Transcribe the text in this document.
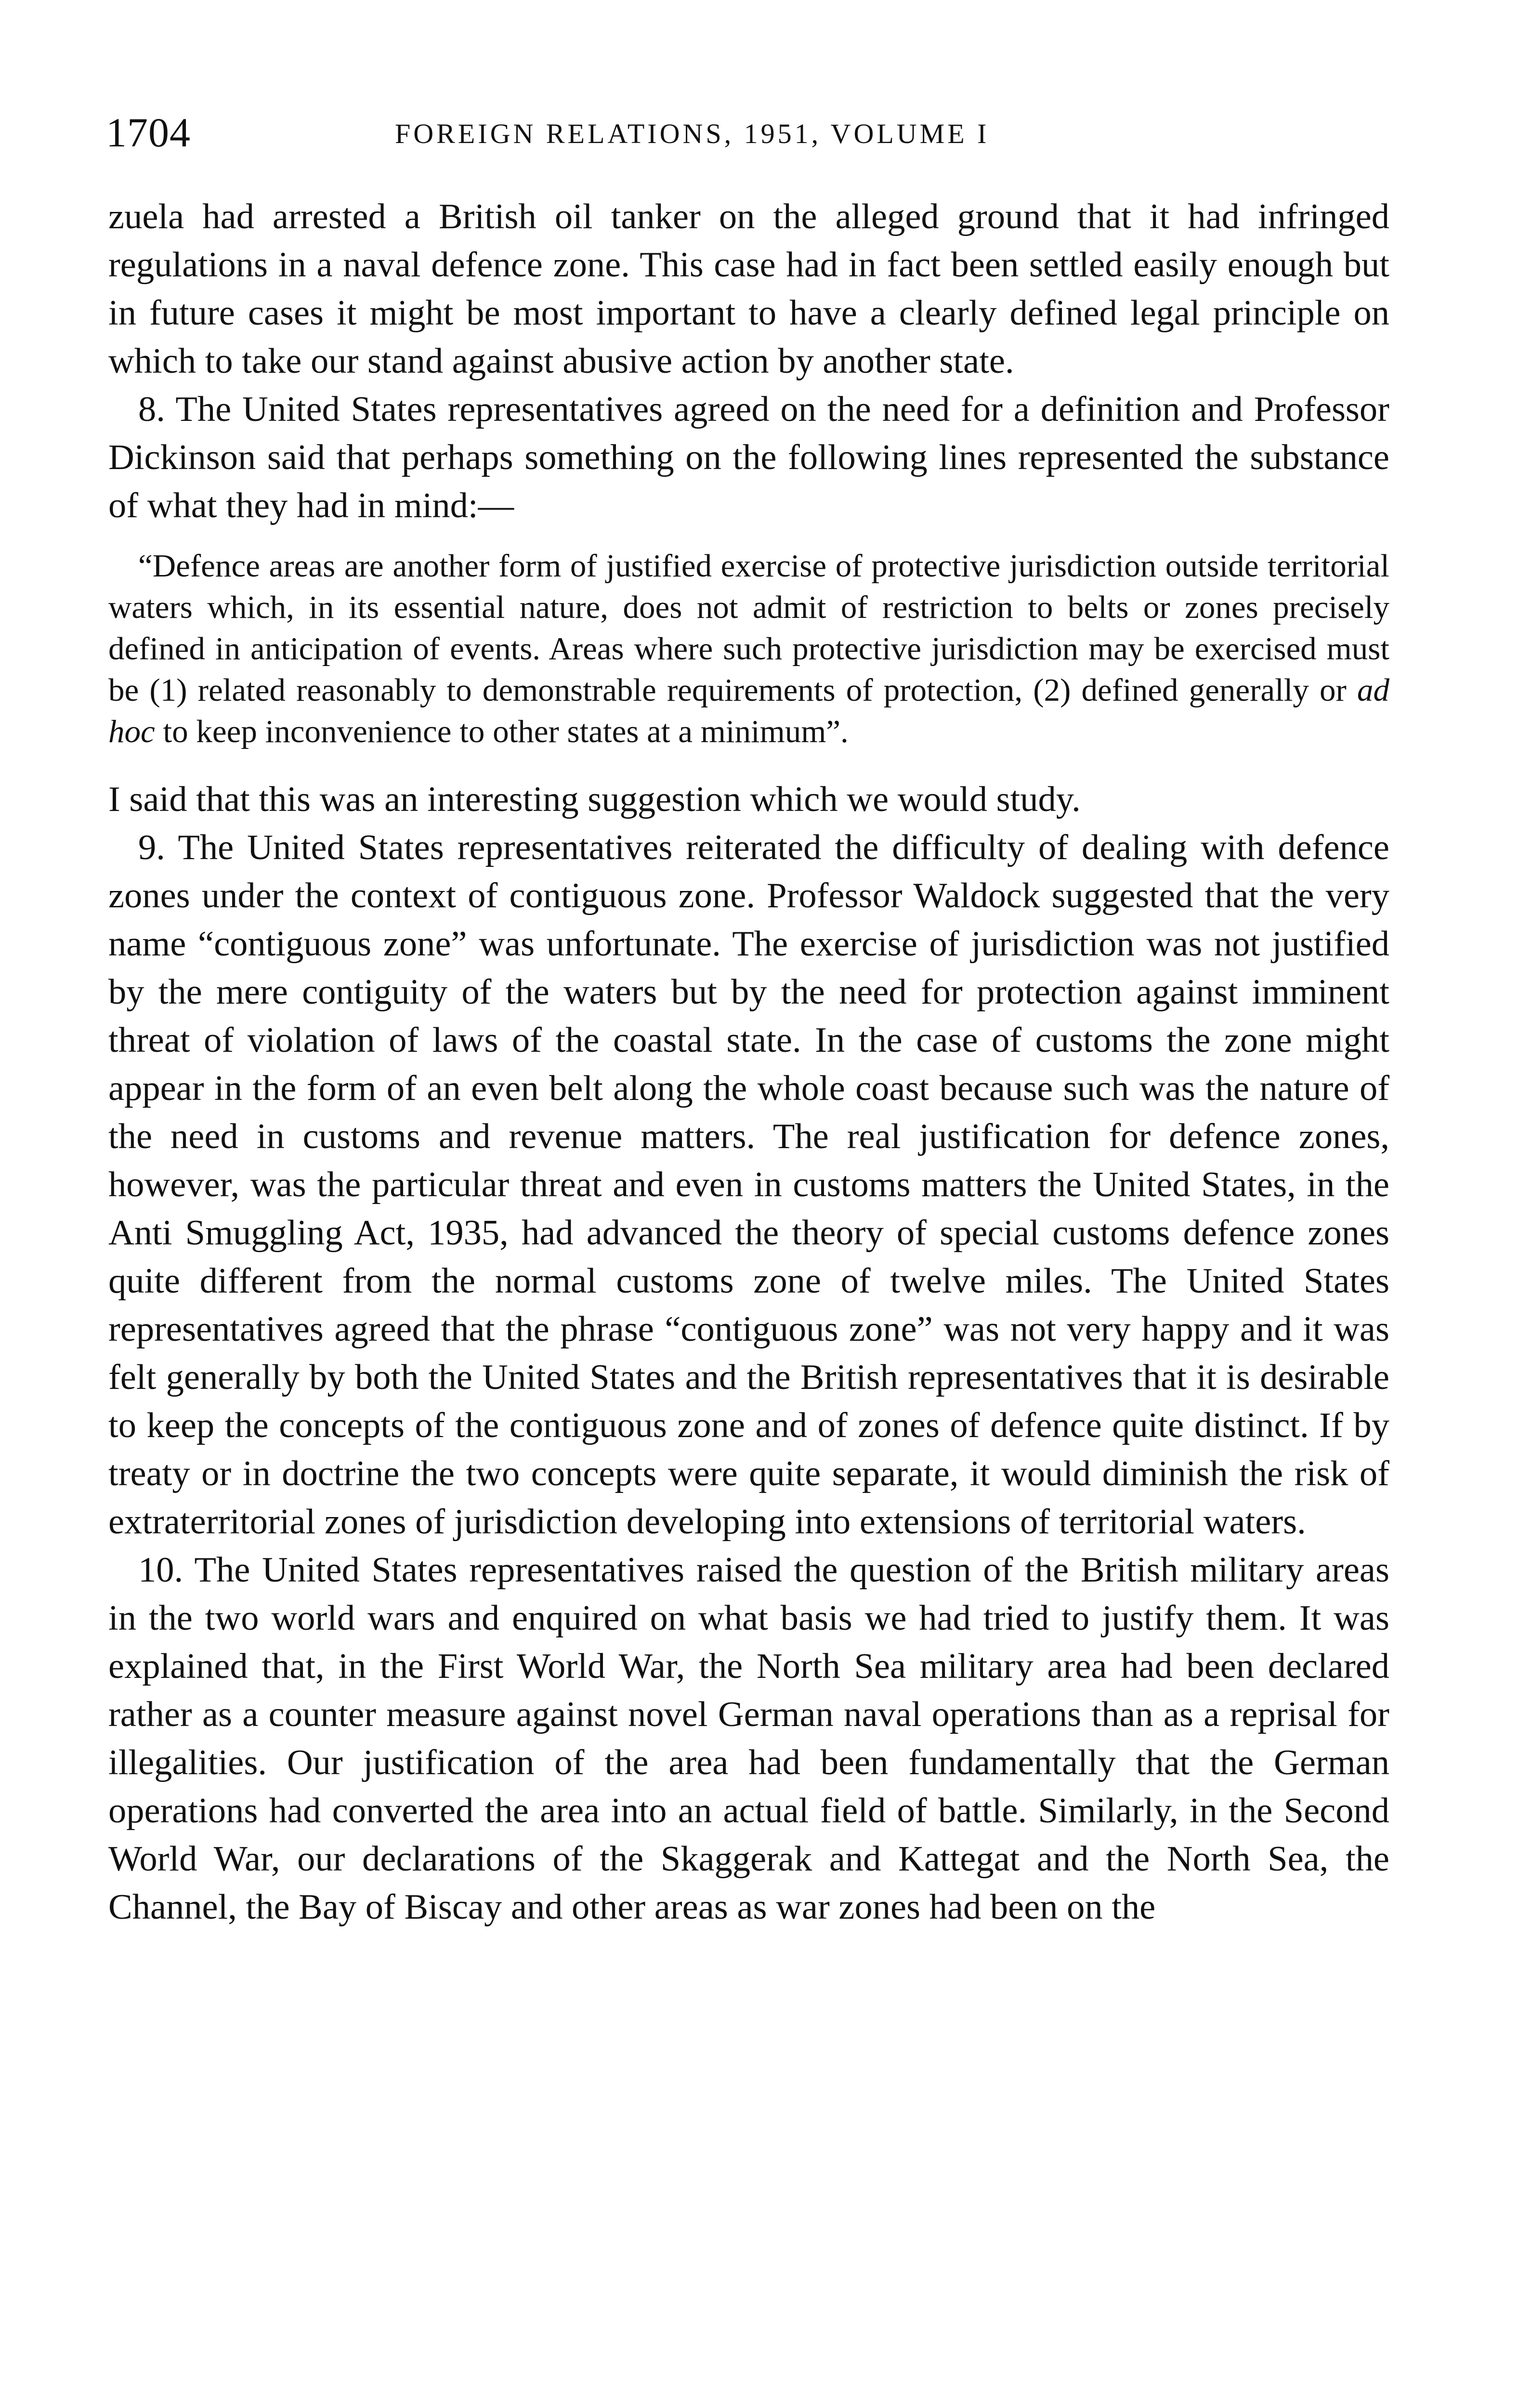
1704	FOREIGN RELATIONS, 1951, VOLUME I

zuela had arrested a British oil tanker on the alleged ground that it had infringed regulations in a naval defence zone. This case had in fact been settled easily enough but in future cases it might be most important to have a clearly defined legal principle on which to take our stand against abusive action by another state.

8. The United States representatives agreed on the need for a definition and Professor Dickinson said that perhaps something on the following lines represented the substance of what they had in mind:—

“Defence areas are another form of justified exercise of protective jurisdiction outside territorial waters which, in its essential nature, does not admit of restriction to belts or zones precisely defined in anticipation of events. Areas where such protective jurisdiction may be exercised must be (1) related reasonably to demonstrable requirements of protection, (2) defined generally or ad hoc to keep inconvenience to other states at a minimum”.

I said that this was an interesting suggestion which we would study.

9. The United States representatives reiterated the difficulty of dealing with defence zones under the context of contiguous zone. Professor Waldock suggested that the very name “contiguous zone” was unfortunate. The exercise of jurisdiction was not justified by the mere contiguity of the waters but by the need for protection against imminent threat of violation of laws of the coastal state. In the case of customs the zone might appear in the form of an even belt along the whole coast because such was the nature of the need in customs and revenue matters. The real justification for defence zones, however, was the particular threat and even in customs matters the United States, in the Anti Smuggling Act, 1935, had advanced the theory of special customs defence zones quite different from the normal customs zone of twelve miles. The United States representatives agreed that the phrase “contiguous zone” was not very happy and it was felt generally by both the United States and the British representatives that it is desirable to keep the concepts of the contiguous zone and of zones of defence quite distinct. If by treaty or in doctrine the two concepts were quite separate, it would diminish the risk of extraterritorial zones of jurisdiction developing into extensions of territorial waters.

10. The United States representatives raised the question of the British military areas in the two world wars and enquired on what basis we had tried to justify them. It was explained that, in the First World War, the North Sea military area had been declared rather as a counter measure against novel German naval operations than as a reprisal for illegalities. Our justification of the area had been fundamentally that the German operations had converted the area into an actual field of battle. Similarly, in the Second World War, our declarations of the Skaggerak and Kattegat and the North Sea, the Channel, the Bay of Biscay and other areas as war zones had been on the
